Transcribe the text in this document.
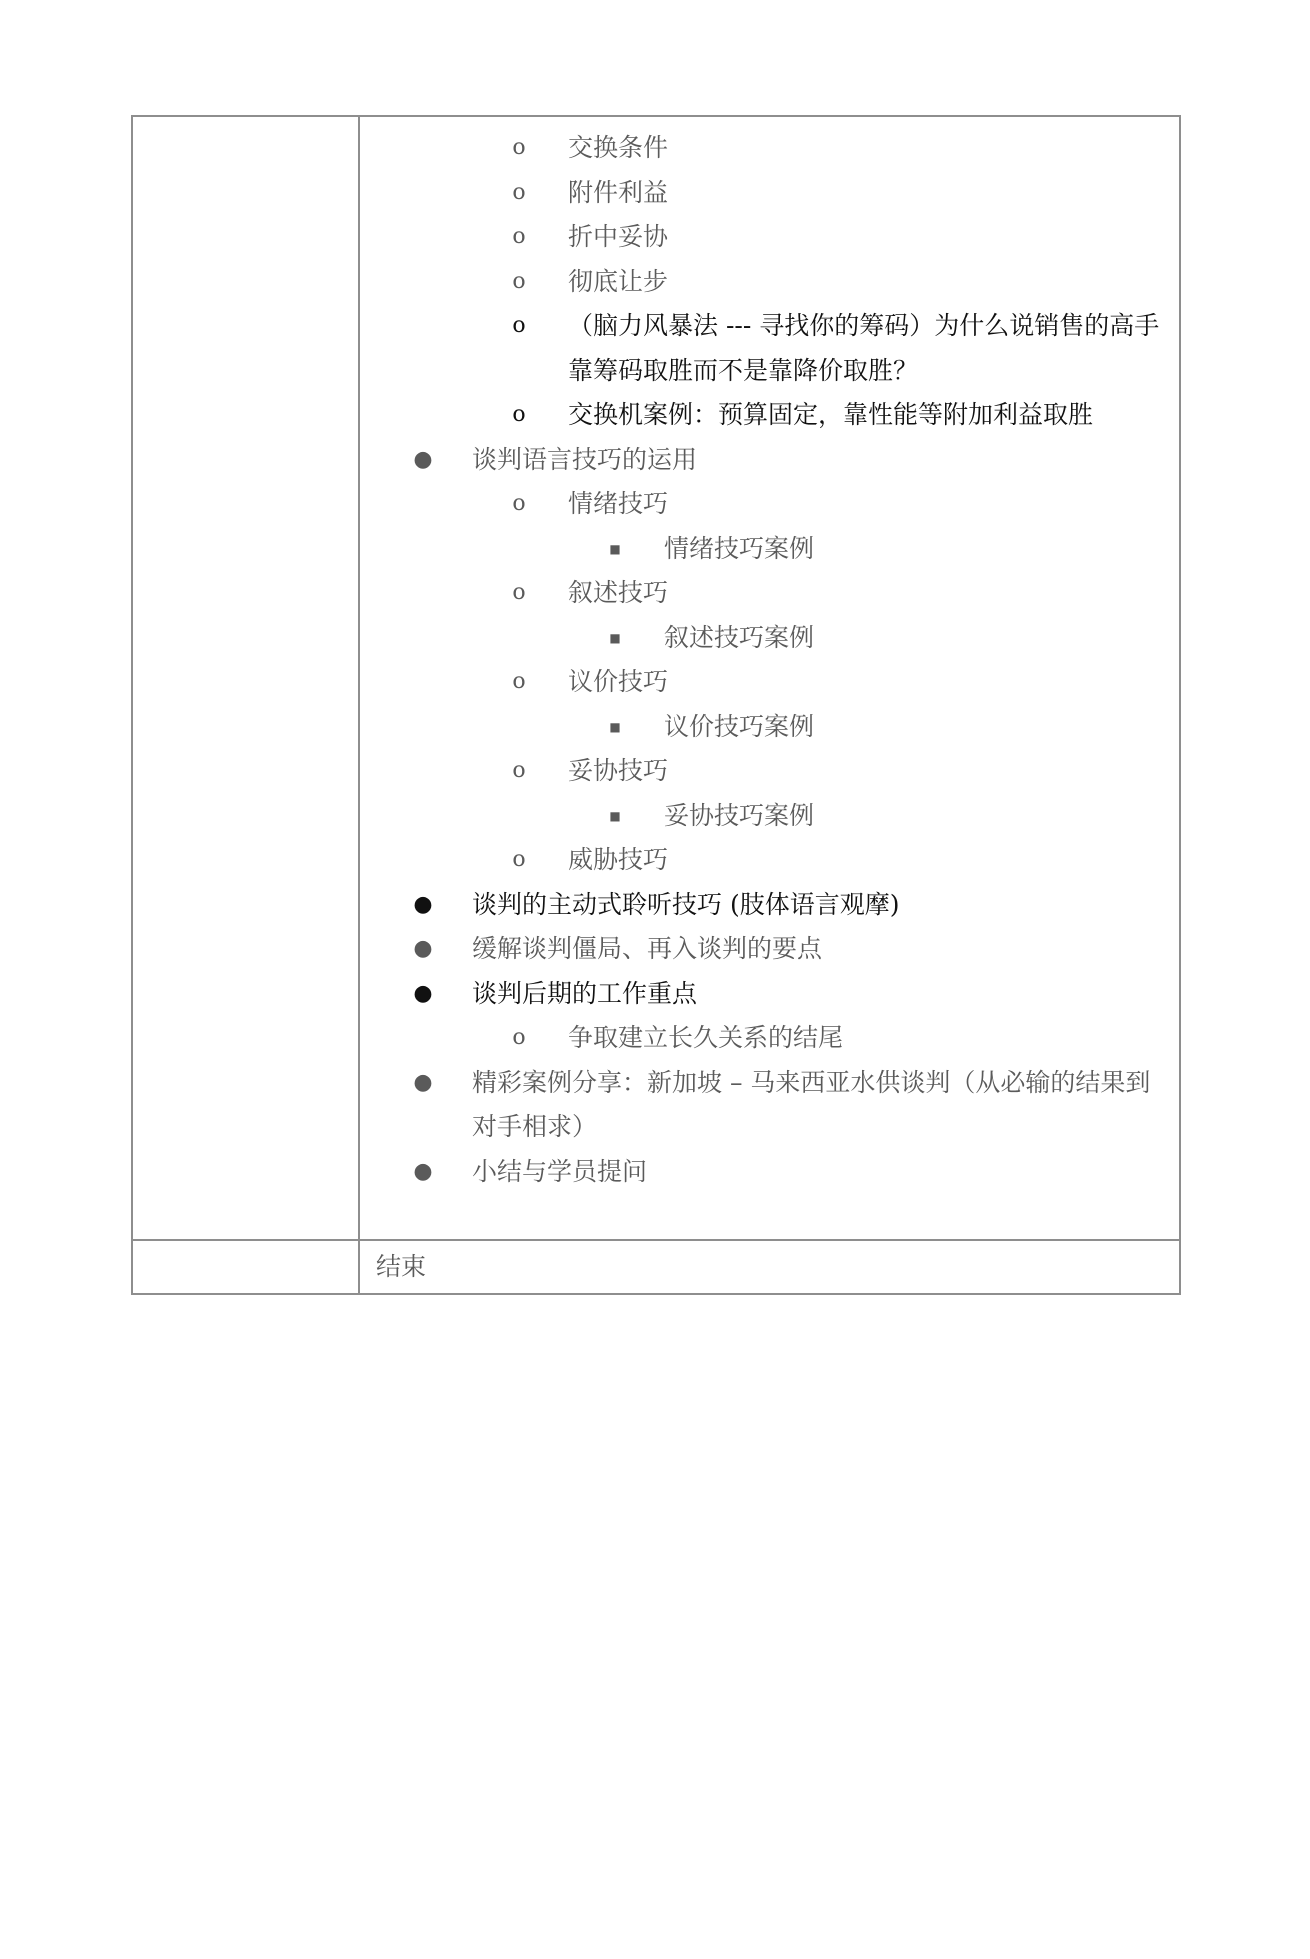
o	交换条件
o	附件利益
o	折中妥协
o	彻底让步
o	（脑力风暴法 --- 寻找你的筹码）为什么说销售的高手靠筹码取胜而不是靠降价取胜？
o	交换机案例：预算固定，靠性能等附加利益取胜
● 谈判语言技巧的运用
o	情绪技巧
■	情绪技巧案例
o	叙述技巧
■	叙述技巧案例
o	议价技巧
■	议价技巧案例
o	妥协技巧
■	妥协技巧案例
o	威胁技巧
● 谈判的主动式聆听技巧 (肢体语言观摩)
● 缓解谈判僵局、再入谈判的要点
● 谈判后期的工作重点
o	争取建立长久关系的结尾
● 精彩案例分享：新加坡 – 马来西亚水供谈判（从必输的结果到对手相求）
● 小结与学员提问
结束
